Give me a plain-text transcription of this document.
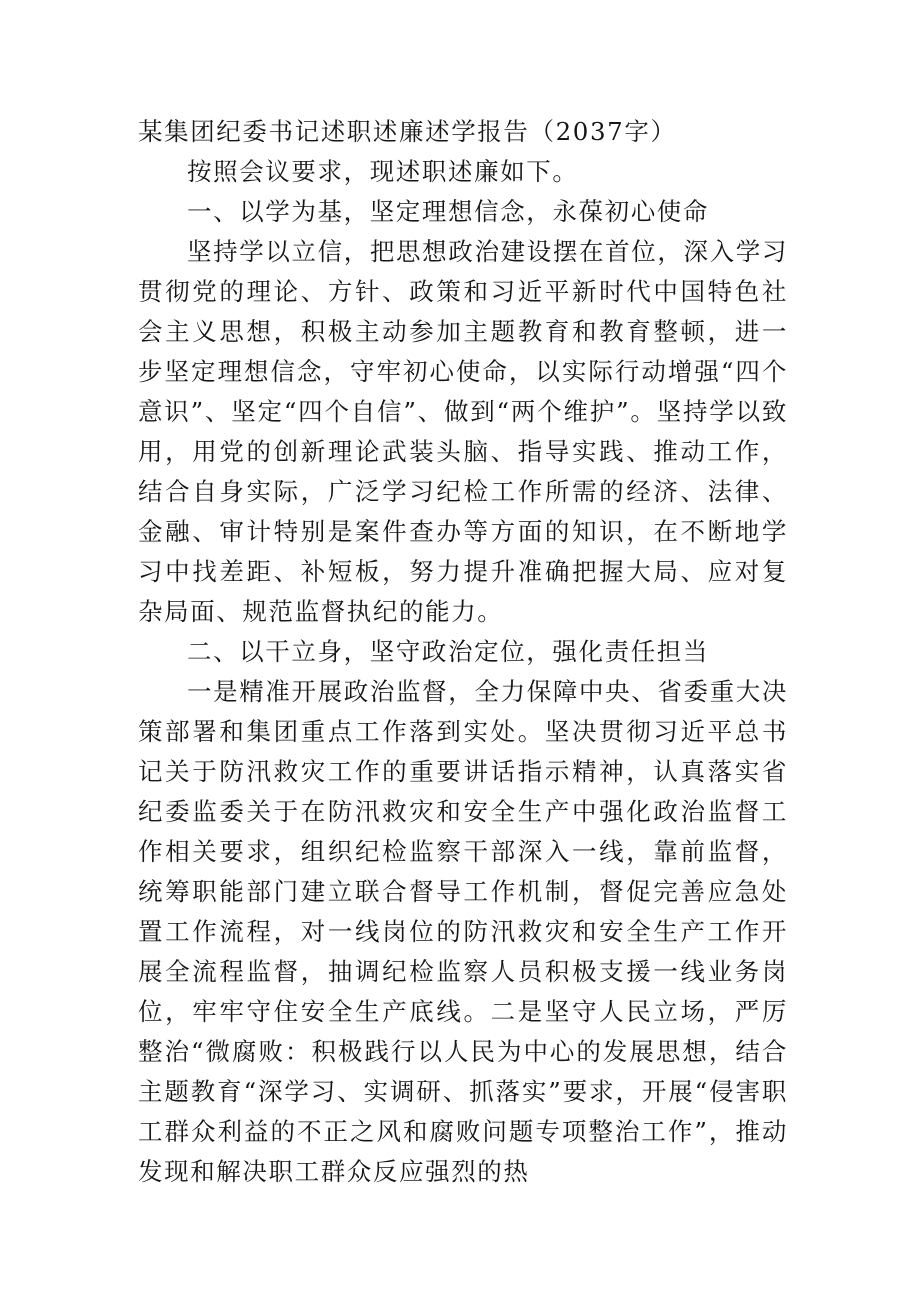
某集团纪委书记述职述廉述学报告（2037字）

按照会议要求，现述职述廉如下。

一、以学为基，坚定理想信念，永葆初心使命

坚持学以立信，把思想政治建设摆在首位，深入学习贯彻党的理论、方针、政策和习近平新时代中国特色社会主义思想，积极主动参加主题教育和教育整顿，进一步坚定理想信念，守牢初心使命，以实际行动增强“四个意识”、坚定“四个自信”、做到“两个维护”。坚持学以致用，用党的创新理论武装头脑、指导实践、推动工作，结合自身实际，广泛学习纪检工作所需的经济、法律、金融、审计特别是案件查办等方面的知识，在不断地学习中找差距、补短板，努力提升准确把握大局、应对复杂局面、规范监督执纪的能力。

二、以干立身，坚守政治定位，强化责任担当

一是精准开展政治监督，全力保障中央、省委重大决策部署和集团重点工作落到实处。坚决贯彻习近平总书记关于防汛救灾工作的重要讲话指示精神，认真落实省纪委监委关于在防汛救灾和安全生产中强化政治监督工作相关要求，组织纪检监察干部深入一线，靠前监督，统筹职能部门建立联合督导工作机制，督促完善应急处置工作流程，对一线岗位的防汛救灾和安全生产工作开展全流程监督，抽调纪检监察人员积极支援一线业务岗位，牢牢守住安全生产底线。二是坚守人民立场，严厉整治“微腐败：积极践行以人民为中心的发展思想，结合主题教育“深学习、实调研、抓落实”要求，开展“侵害职工群众利益的不正之风和腐败问题专项整治工作”，推动发现和解决职工群众反应强烈的热
